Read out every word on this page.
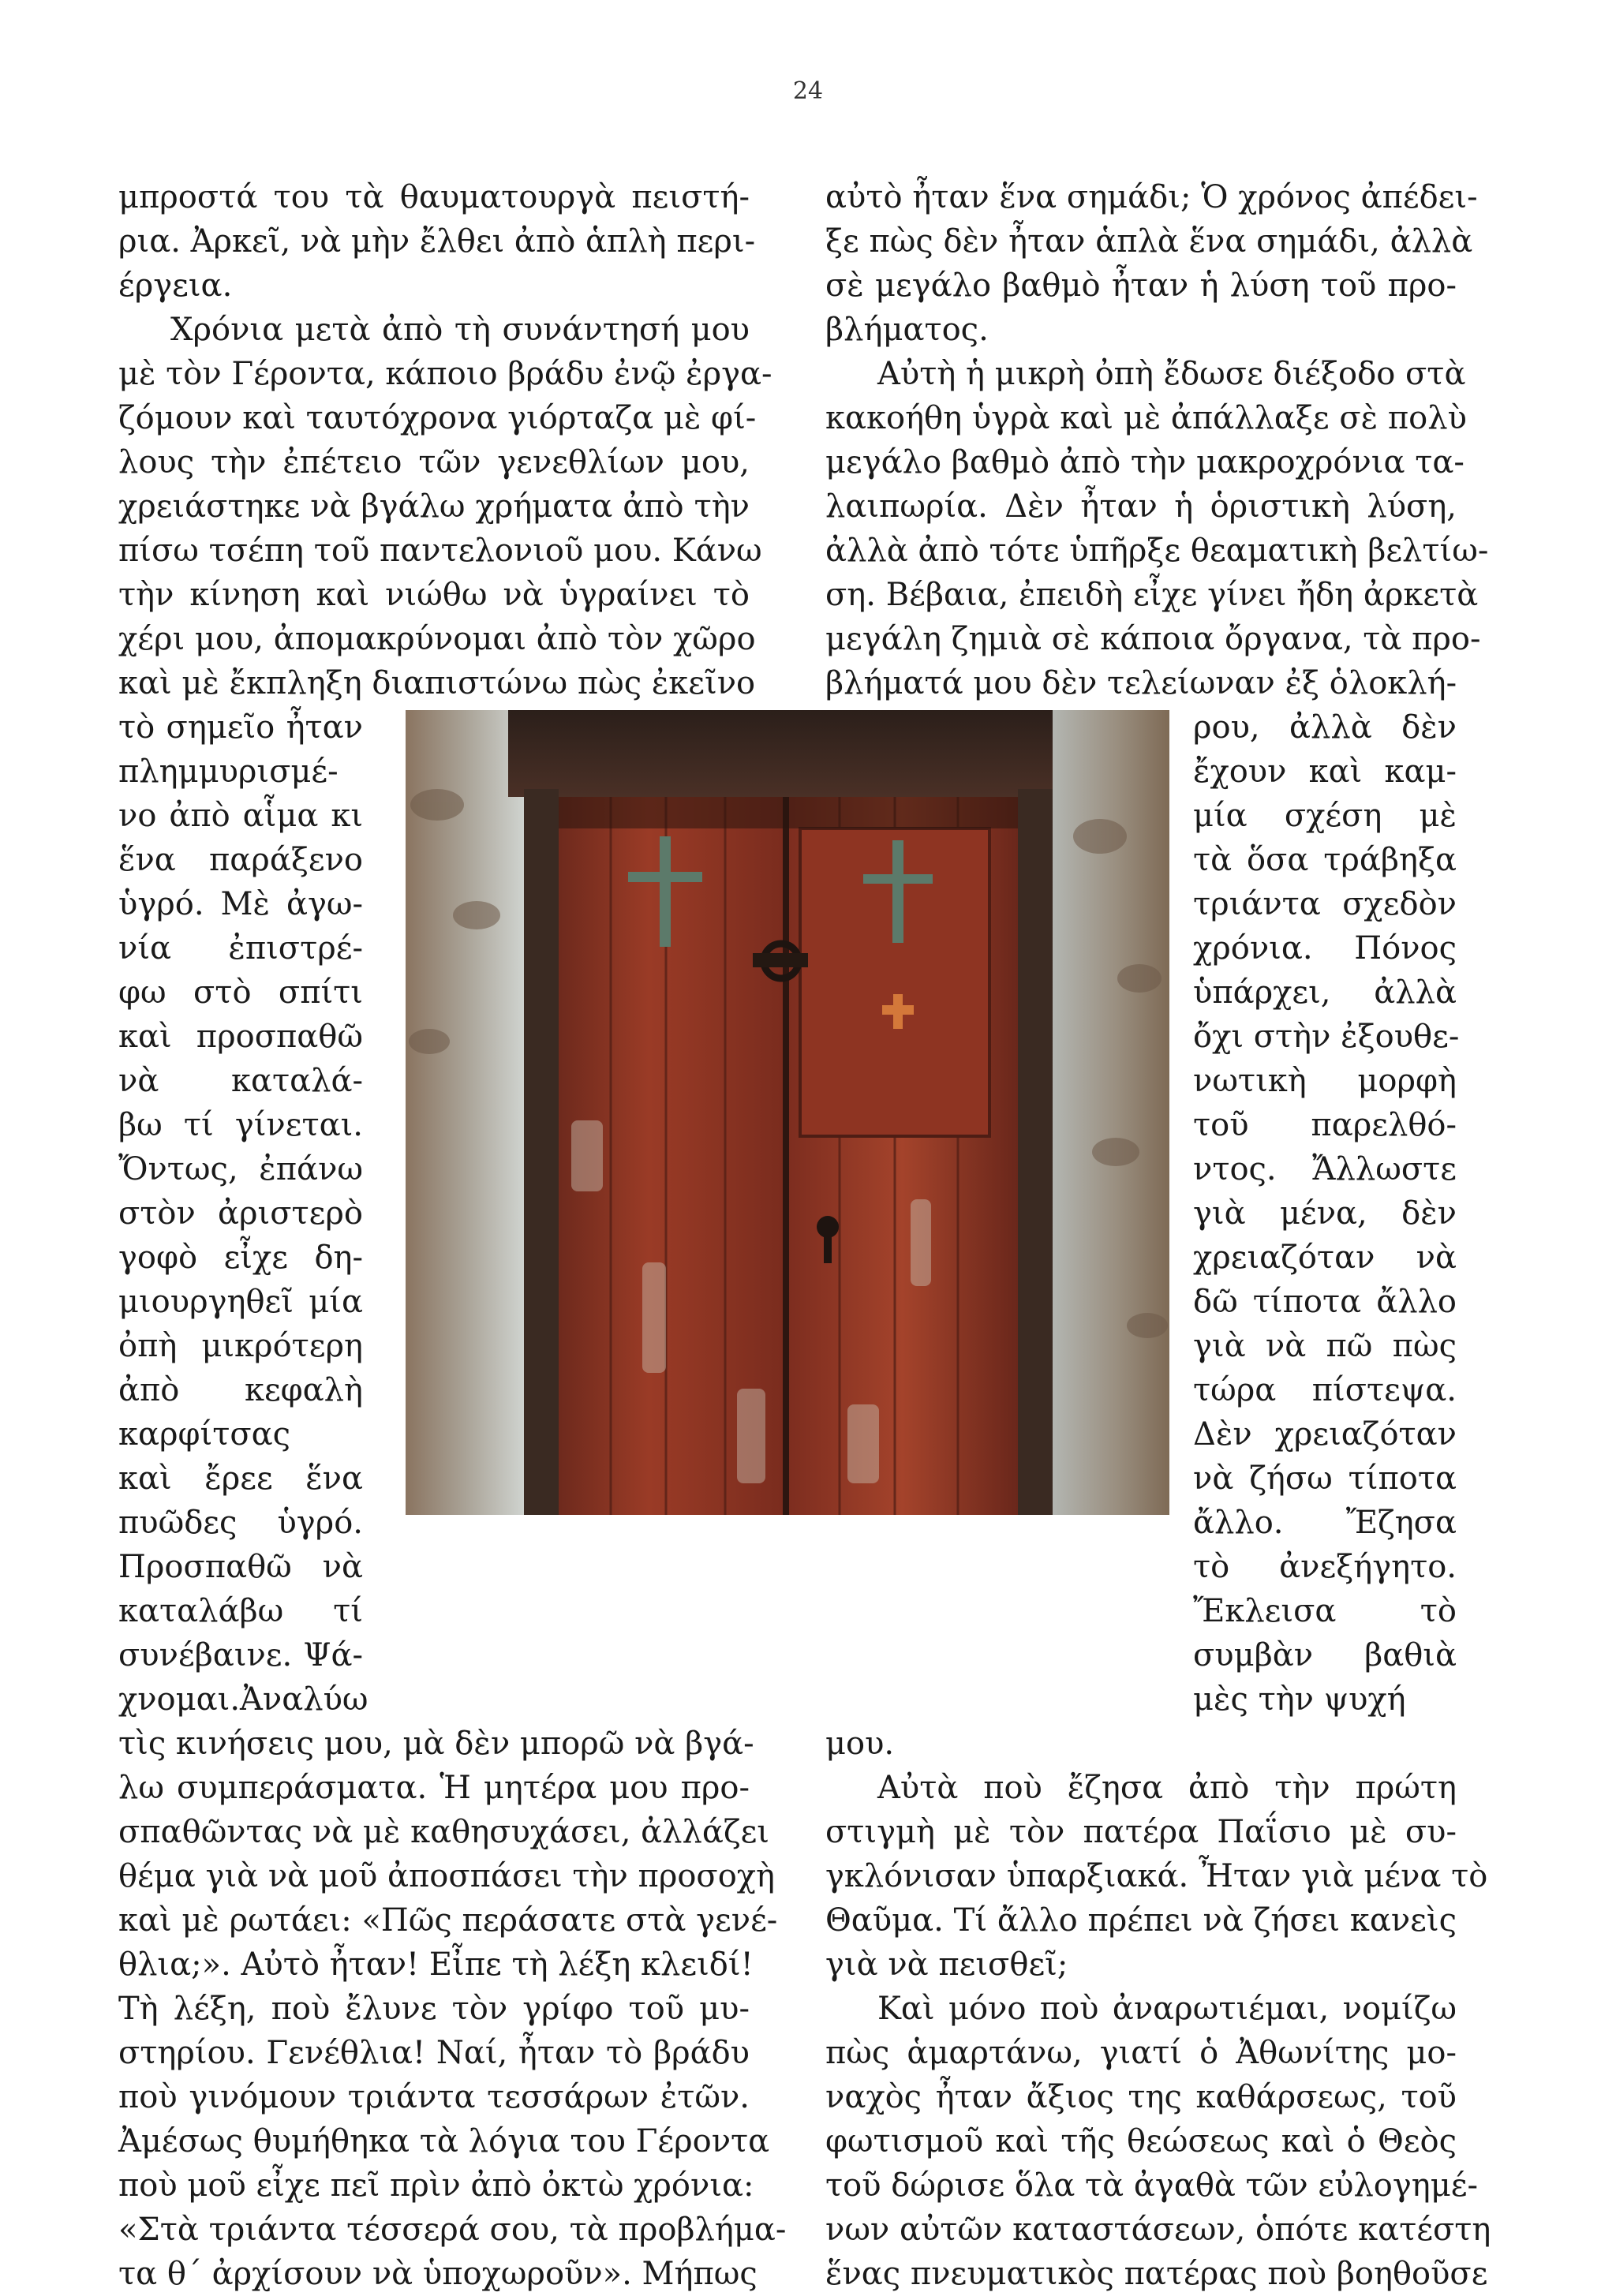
24
μπροστά του τὰ θαυματουργὰ πειστή-
ρια. Ἀρκεῖ, νὰ μὴν ἔλθει ἀπὸ ἁπλὴ περι-
έργεια.
Χρόνια μετὰ ἀπὸ τὴ συνάντησή μου
μὲ τὸν Γέροντα, κάποιο βράδυ ἐνῷ ἐργα-
ζόμουν καὶ ταυτόχρονα γιόρταζα μὲ φί-
λους τὴν ἐπέτειο τῶν γενεθλίων μου,
χρειάστηκε νὰ βγάλω χρήματα ἀπὸ τὴν
πίσω τσέπη τοῦ παντελονιοῦ μου. Κάνω
τὴν κίνηση καὶ νιώθω νὰ ὑγραίνει τὸ
χέρι μου, ἀπομακρύνομαι ἀπὸ τὸν χῶρο
καὶ μὲ ἔκπληξη διαπιστώνω πὼς ἐκεῖνο
τὸ σημεῖο ἦταν
πλημμυρισμέ-
νο ἀπὸ αἷμα κι
ἕνα παράξενο
ὑγρό. Μὲ ἀγω-
νία ἐπιστρέ-
φω στὸ σπίτι
καὶ προσπαθῶ
νὰ καταλά-
βω τί γίνεται.
Ὄντως, ἐπάνω
στὸν ἀριστερὸ
γοφὸ εἶχε δη-
μιουργηθεῖ μία
ὀπὴ μικρότερη
ἀπὸ κεφαλὴ
καρφίτσας
καὶ ἔρεε ἕνα
πυῶδες ὑγρό.
Προσπαθῶ νὰ
καταλάβω τί
συνέβαινε. Ψά-
χνομαι.Ἀναλύω
τὶς κινήσεις μου, μὰ δὲν μπορῶ νὰ βγά-
λω συμπεράσματα. Ἡ μητέρα μου προ-
σπαθῶντας νὰ μὲ καθησυχάσει, ἀλλάζει
θέμα γιὰ νὰ μοῦ ἀποσπάσει τὴν προσοχὴ
καὶ μὲ ρωτάει: «Πῶς περάσατε στὰ γενέ-
θλια;». Αὐτὸ ἦταν! Εἶπε τὴ λέξη κλειδί!
Τὴ λέξη, ποὺ ἔλυνε τὸν γρίφο τοῦ μυ-
στηρίου. Γενέθλια! Ναί, ἦταν τὸ βράδυ
ποὺ γινόμουν τριάντα τεσσάρων ἐτῶν.
Ἀμέσως θυμήθηκα τὰ λόγια του Γέροντα
ποὺ μοῦ εἶχε πεῖ πρὶν ἀπὸ ὀκτὼ χρόνια:
«Στὰ τριάντα τέσσερά σου, τὰ προβλήμα-
τα θ΄ ἀρχίσουν νὰ ὑποχωροῦν». Μήπως
αὐτὸ ἦταν ἕνα σημάδι; Ὁ χρόνος ἀπέδει-
ξε πὼς δὲν ἦταν ἁπλὰ ἕνα σημάδι, ἀλλὰ
σὲ μεγάλο βαθμὸ ἦταν ἡ λύση τοῦ προ-
βλήματος.
Αὐτὴ ἡ μικρὴ ὀπὴ ἔδωσε διέξοδο στὰ
κακοήθη ὑγρὰ καὶ μὲ ἀπάλλαξε σὲ πολὺ
μεγάλο βαθμὸ ἀπὸ τὴν μακροχρόνια τα-
λαιπωρία. Δὲν ἦταν ἡ ὁριστικὴ λύση,
ἀλλὰ ἀπὸ τότε ὑπῆρξε θεαματικὴ βελτίω-
ση. Βέβαια, ἐπειδὴ εἶχε γίνει ἤδη ἀρκετὰ
μεγάλη ζημιὰ σὲ κάποια ὄργανα, τὰ προ-
βλήματά μου δὲν τελείωναν ἐξ ὁλοκλή-
ρου, ἀλλὰ δὲν
ἔχουν καὶ καμ-
μία σχέση μὲ
τὰ ὅσα τράβηξα
τριάντα σχεδὸν
χρόνια. Πόνος
ὑπάρχει, ἀλλὰ
ὄχι στὴν ἐξουθε-
νωτικὴ μορφὴ
τοῦ παρελθό-
ντος. Ἄλλωστε
γιὰ μένα, δὲν
χρειαζόταν νὰ
δῶ τίποτα ἄλλο
γιὰ νὰ πῶ πὼς
τώρα πίστεψα.
Δὲν χρειαζόταν
νὰ ζήσω τίποτα
ἄλλο. Ἔζησα
τὸ ἀνεξήγητο.
Ἔκλεισα τὸ
συμβὰν βαθιὰ
μὲς τὴν ψυχή
μου.
Αὐτὰ ποὺ ἔζησα ἀπὸ τὴν πρώτη
στιγμὴ μὲ τὸν πατέρα Παΐσιο μὲ συ-
γκλόνισαν ὑπαρξιακά. Ἦταν γιὰ μένα τὸ
Θαῦμα. Τί ἄλλο πρέπει νὰ ζήσει κανεὶς
γιὰ νὰ πεισθεῖ;
Καὶ μόνο ποὺ ἀναρωτιέμαι, νομίζω
πὼς ἁμαρτάνω, γιατί ὁ Ἀθωνίτης μο-
ναχὸς ἦταν ἄξιος της καθάρσεως, τοῦ
φωτισμοῦ καὶ τῆς θεώσεως καὶ ὁ Θεὸς
τοῦ δώρισε ὅλα τὰ ἀγαθὰ τῶν εὐλογημέ-
νων αὐτῶν καταστάσεων, ὁπότε κατέστη
ἕνας πνευματικὸς πατέρας ποὺ βοηθοῦσε
